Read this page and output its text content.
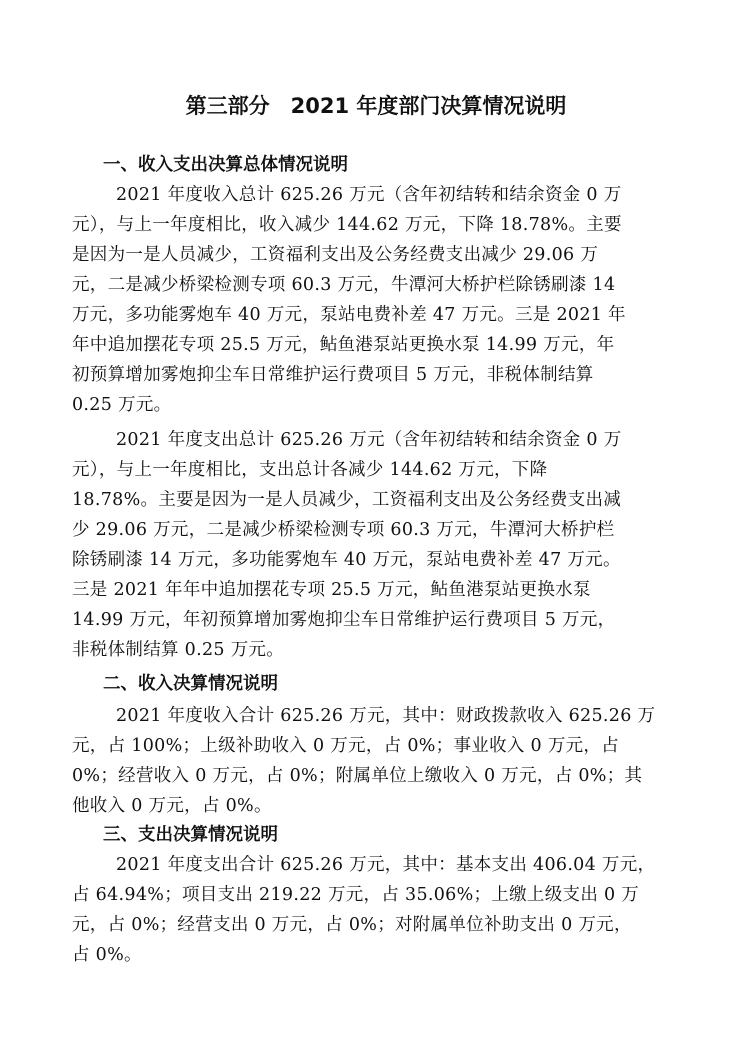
第三部分　2021 年度部门决算情况说明
一、收入支出决算总体情况说明
2021 年度收入总计 625.26 万元（含年初结转和结余资金 0 万
元），与上一年度相比，收入减少 144.62 万元，下降 18.78%。主要
是因为一是人员减少，工资福利支出及公务经费支出减少 29.06 万
元，二是减少桥梁检测专项 60.3 万元，牛潭河大桥护栏除锈刷漆 14
万元，多功能雾炮车 40 万元，泵站电费补差 47 万元。三是 2021 年
年中追加摆花专项 25.5 万元，鲇鱼港泵站更换水泵 14.99 万元，年
初预算增加雾炮抑尘车日常维护运行费项目 5 万元，非税体制结算
0.25 万元。
2021 年度支出总计 625.26 万元（含年初结转和结余资金 0 万
元），与上一年度相比，支出总计各减少 144.62 万元，下降
18.78%。主要是因为一是人员减少，工资福利支出及公务经费支出减
少 29.06 万元，二是减少桥梁检测专项 60.3 万元，牛潭河大桥护栏
除锈刷漆 14 万元，多功能雾炮车 40 万元，泵站电费补差 47 万元。
三是 2021 年年中追加摆花专项 25.5 万元，鲇鱼港泵站更换水泵
14.99 万元，年初预算增加雾炮抑尘车日常维护运行费项目 5 万元，
非税体制结算 0.25 万元。
二、收入决算情况说明
2021 年度收入合计 625.26 万元，其中：财政拨款收入 625.26 万
元，占 100%；上级补助收入 0 万元，占 0%；事业收入 0 万元，占
0%；经营收入 0 万元，占 0%；附属单位上缴收入 0 万元，占 0%；其
他收入 0 万元，占 0%。
三、支出决算情况说明
2021 年度支出合计 625.26 万元，其中：基本支出 406.04 万元，
占 64.94%；项目支出 219.22 万元，占 35.06%；上缴上级支出 0 万
元，占 0%；经营支出 0 万元，占 0%；对附属单位补助支出 0 万元，
占 0%。
